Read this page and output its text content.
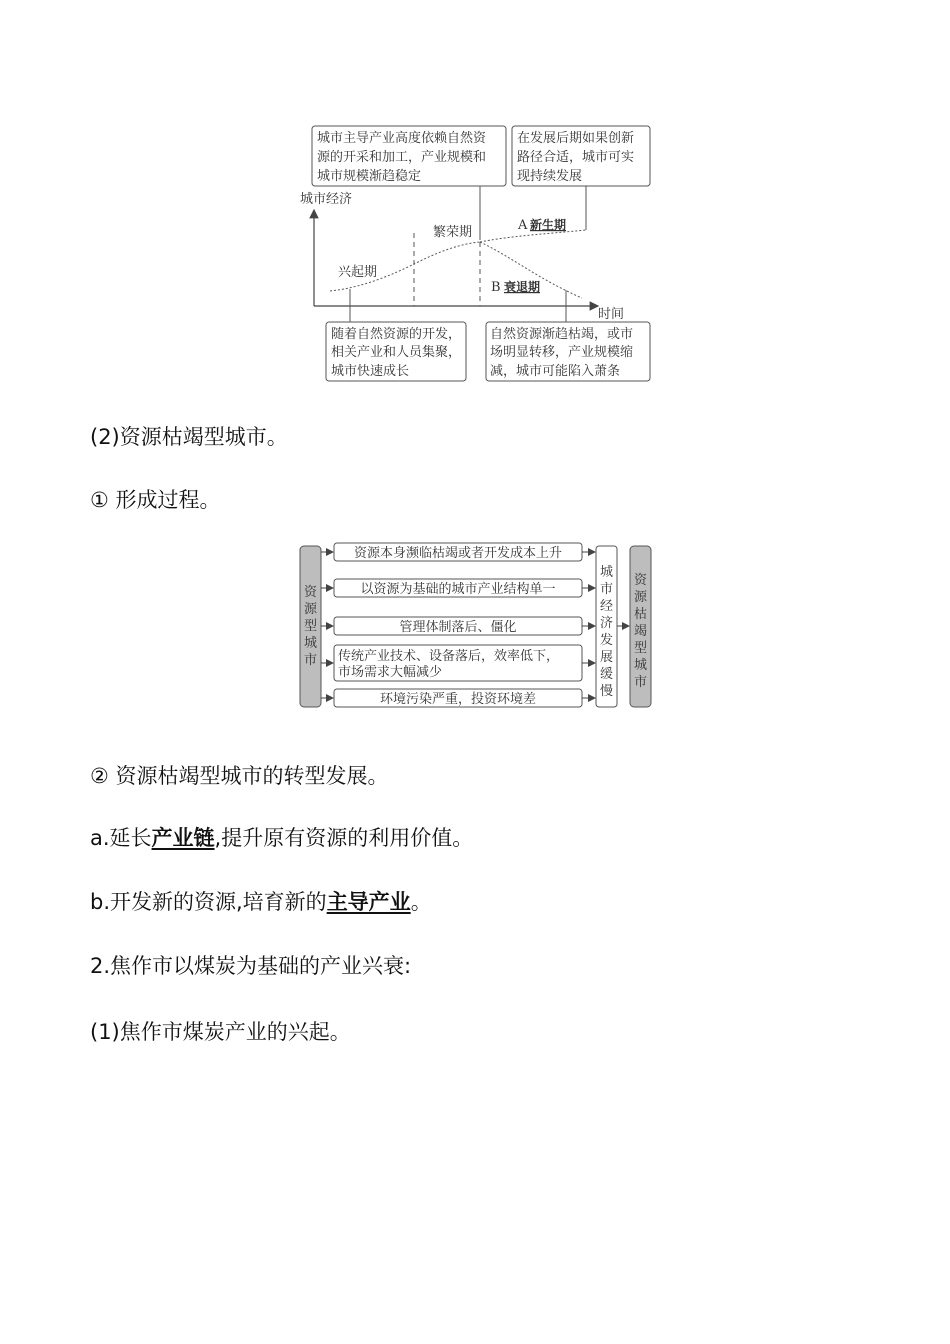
城市主导产业高度依赖自然资
源的开采和加工，产业规模和
城市规模渐趋稳定
在发展后期如果创新
路径合适，城市可实
现持续发展
城市经济
时间
兴起期
繁荣期	A 新生期
B 衰退期
随着自然资源的开发，
相关产业和人员集聚，
城市快速成长
自然资源渐趋枯竭，或市
场明显转移，产业规模缩
减，城市可能陷入萧条
资
源
型
城
市
资源本身濒临枯竭或者开发成本上升
以资源为基础的城市产业结构单一
管理体制落后、僵化
传统产业技术、设备落后，效率低下，
市场需求大幅减少
环境污染严重，投资环境差
城
市
经
济
发
展
缓
慢
资
源
枯
竭
型
城
市
(2)资源枯竭型城市。
① 形成过程。
② 资源枯竭型城市的转型发展。
a.延长产业链,提升原有资源的利用价值。
b.开发新的资源,培育新的主导产业。
2.焦作市以煤炭为基础的产业兴衰:
(1)焦作市煤炭产业的兴起。
